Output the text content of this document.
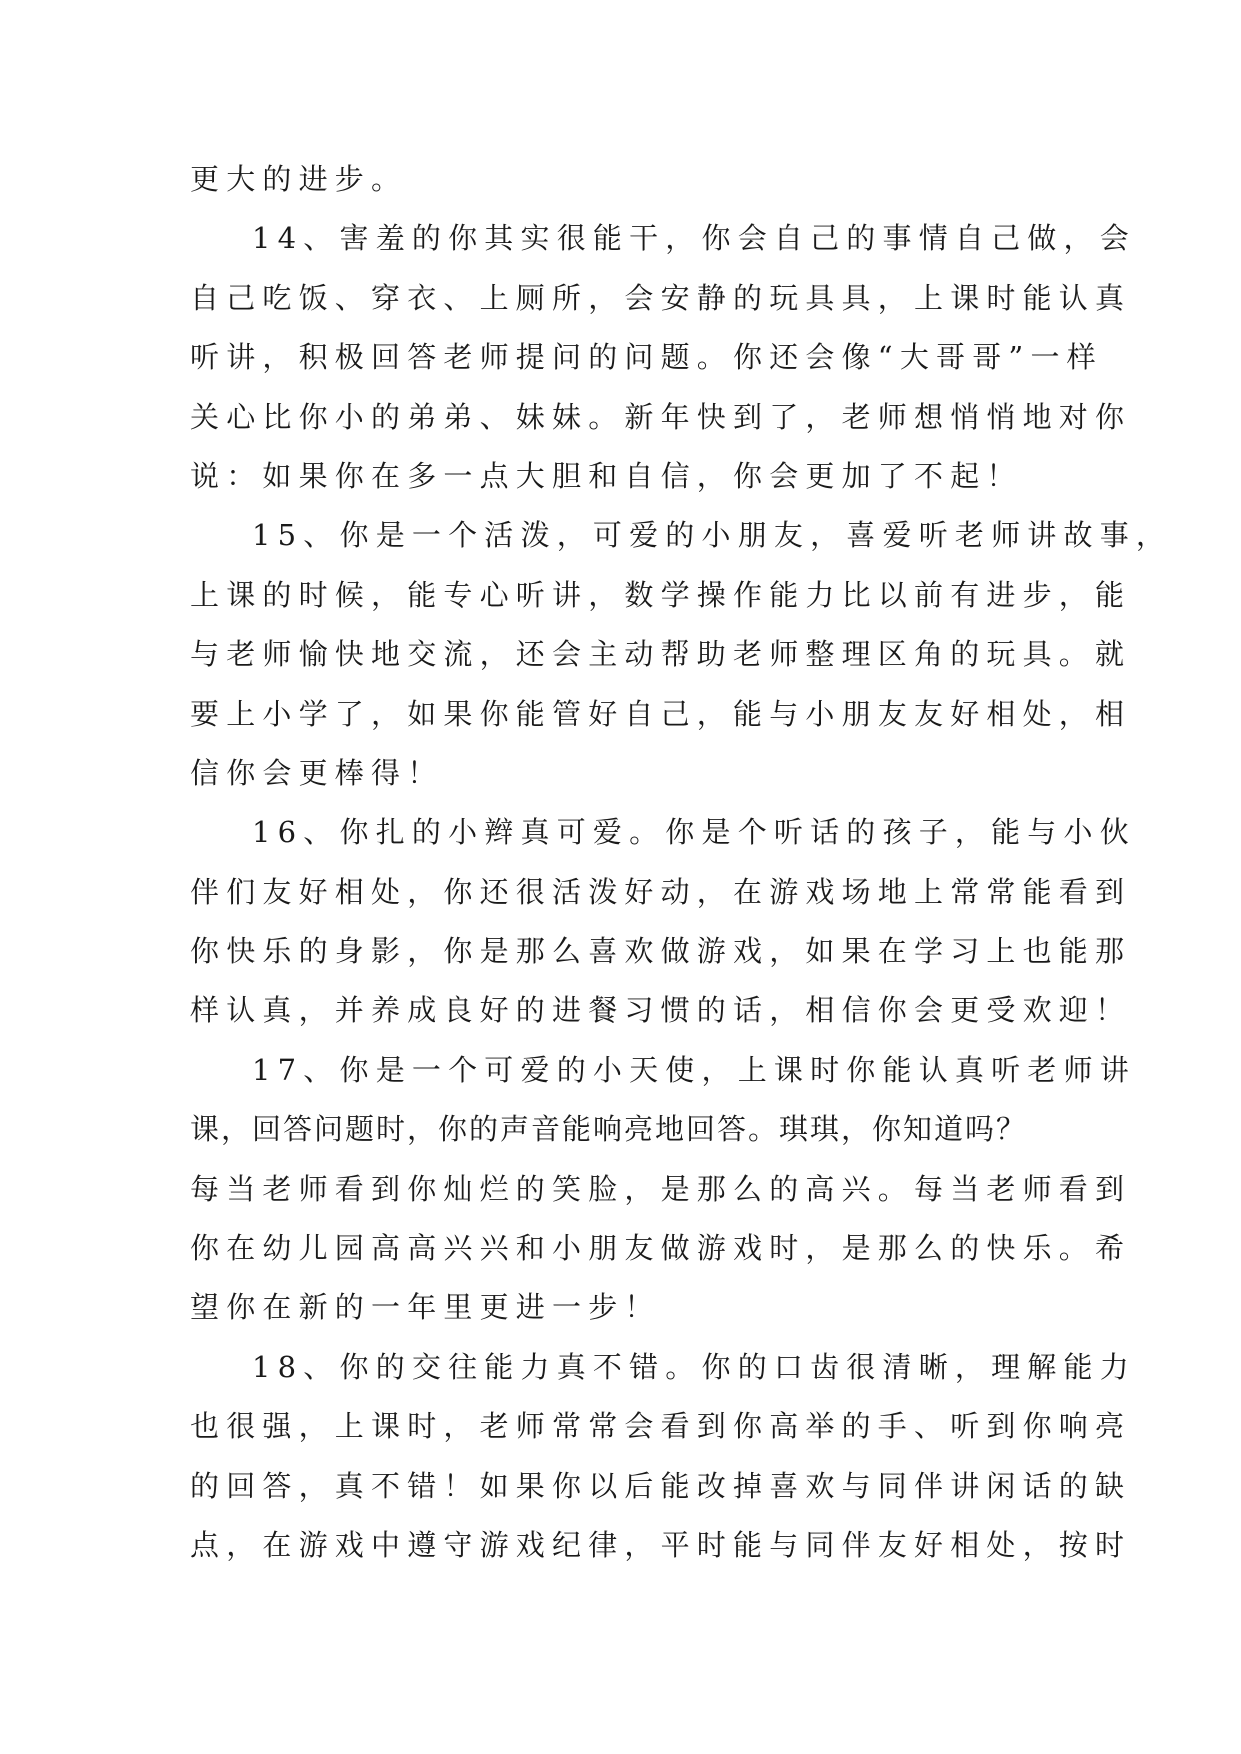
更大的进步。
14、害羞的你其实很能干，你会自己的事情自己做，会
自己吃饭、穿衣、上厕所，会安静的玩具具，上课时能认真
听讲，积极回答老师提问的问题。你还会像“大哥哥”一样
关心比你小的弟弟、妹妹。新年快到了，老师想悄悄地对你
说：如果你在多一点大胆和自信，你会更加了不起！
15、你是一个活泼，可爱的小朋友，喜爱听老师讲故事，
上课的时候，能专心听讲，数学操作能力比以前有进步，能
与老师愉快地交流，还会主动帮助老师整理区角的玩具。就
要上小学了，如果你能管好自己，能与小朋友友好相处，相
信你会更棒得！
16、你扎的小辫真可爱。你是个听话的孩子，能与小伙
伴们友好相处，你还很活泼好动，在游戏场地上常常能看到
你快乐的身影，你是那么喜欢做游戏，如果在学习上也能那
样认真，并养成良好的进餐习惯的话，相信你会更受欢迎！
17、你是一个可爱的小天使，上课时你能认真听老师讲
课，回答问题时，你的声音能响亮地回答。琪琪，你知道吗？
每当老师看到你灿烂的笑脸，是那么的高兴。每当老师看到
你在幼儿园高高兴兴和小朋友做游戏时，是那么的快乐。希
望你在新的一年里更进一步！
18、你的交往能力真不错。你的口齿很清晰，理解能力
也很强，上课时，老师常常会看到你高举的手、听到你响亮
的回答，真不错！如果你以后能改掉喜欢与同伴讲闲话的缺
点，在游戏中遵守游戏纪律，平时能与同伴友好相处，按时
